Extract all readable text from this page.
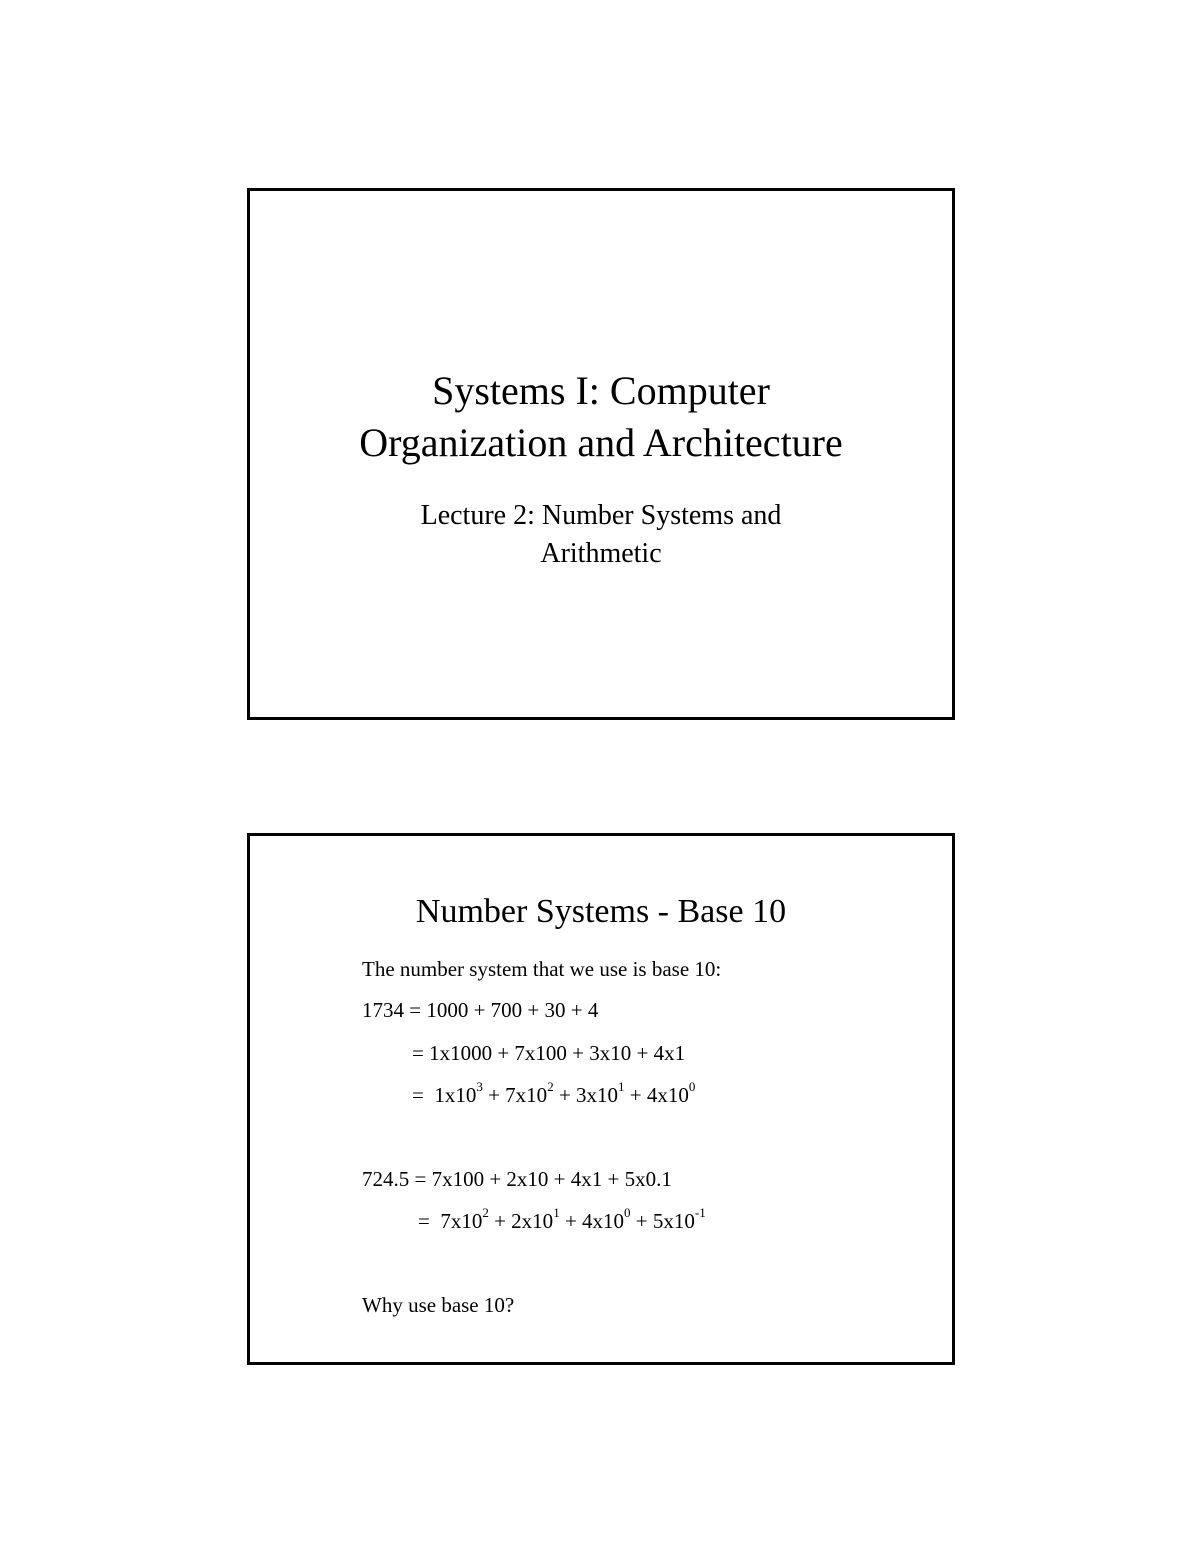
Systems I: Computer
Organization and Architecture
Lecture 2: Number Systems and
Arithmetic
Number Systems - Base 10
The number system that we use is base 10:
1734 = 1000 + 700 + 30 + 4
= 1x1000 + 7x100 + 3x10 + 4x1
=  $1x10^3 + 7x10^2 + 3x10^1 + 4x10^0$
724.5 = 7x100 + 2x10 + 4x1 + 5x0.1
=  $7x10^2 + 2x10^1 + 4x10^0 + 5x10^{-1}$
Why use base 10?
